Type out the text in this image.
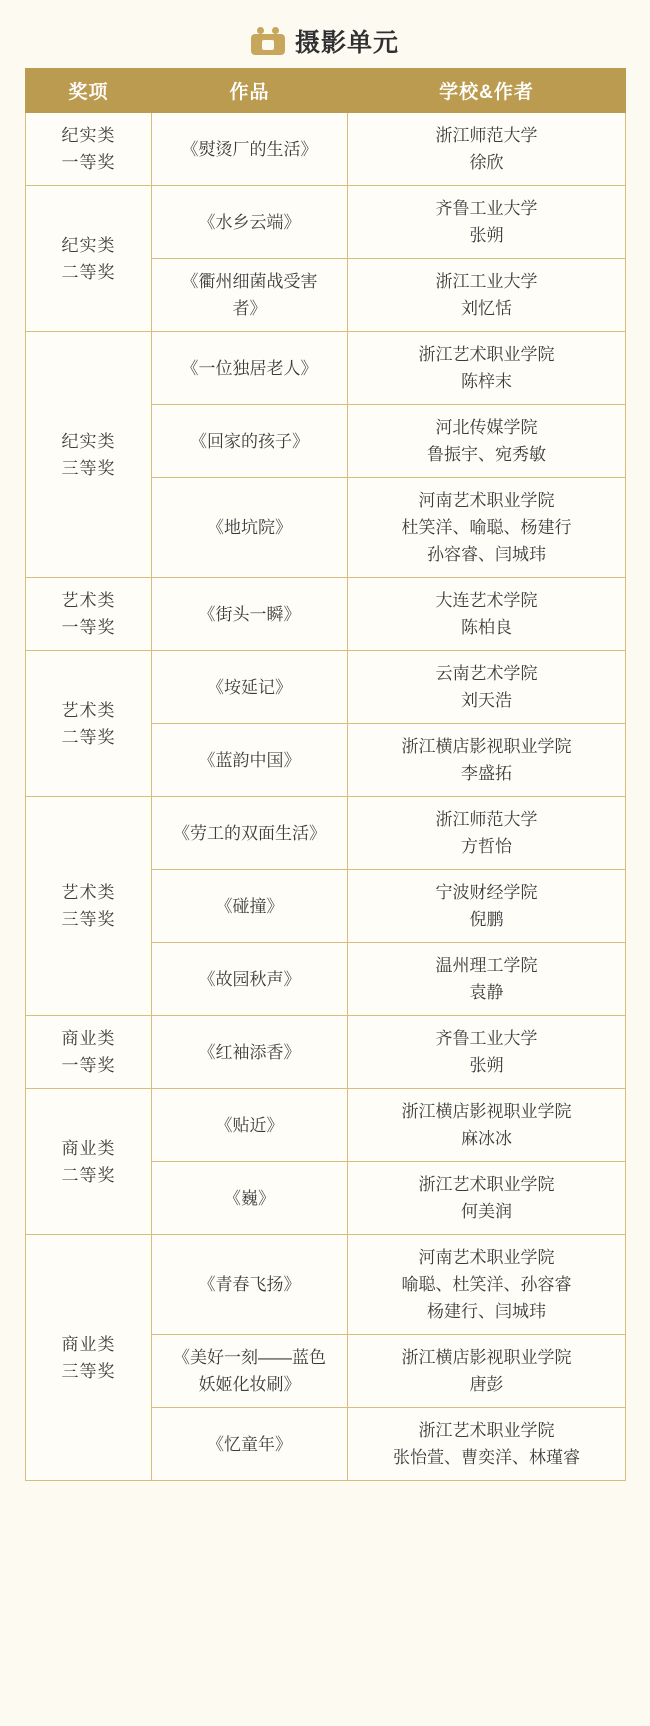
摄影单元
奖项	作品	学校&作者

纪实类
一等奖	《熨烫厂的生活》	浙江师范大学
徐欣

纪实类
二等奖	《水乡云端》	齐鲁工业大学
张朔

	《衢州细菌战受害
者》	浙江工业大学
刘忆恬

纪实类
三等奖	《一位独居老人》	浙江艺术职业学院
陈梓末

	《回家的孩子》	河北传媒学院
鲁振宇、宛秀敏

	《地坑院》	河南艺术职业学院
杜笑洋、喻聪、杨建行
孙容睿、闫城玮

艺术类
一等奖	《街头一瞬》	大连艺术学院
陈柏良

艺术类
二等奖	《垵延记》	云南艺术学院
刘天浩

	《蓝韵中国》	浙江横店影视职业学院
李盛拓

艺术类
三等奖	《劳工的双面生活》	浙江师范大学
方哲怡

	《碰撞》	宁波财经学院
倪鹏

	《故园秋声》	温州理工学院
袁静

商业类
一等奖	《红袖添香》	齐鲁工业大学
张朔

商业类
二等奖	《贴近》	浙江横店影视职业学院
麻冰冰

	《巍》	浙江艺术职业学院
何美润

商业类
三等奖	《青春飞扬》	河南艺术职业学院
喻聪、杜笑洋、孙容睿
杨建行、闫城玮

	《美好一刻——蓝色
妖姬化妆刷》	浙江横店影视职业学院
唐彭

	《忆童年》	浙江艺术职业学院
张怡萱、曹奕洋、林瑾睿
